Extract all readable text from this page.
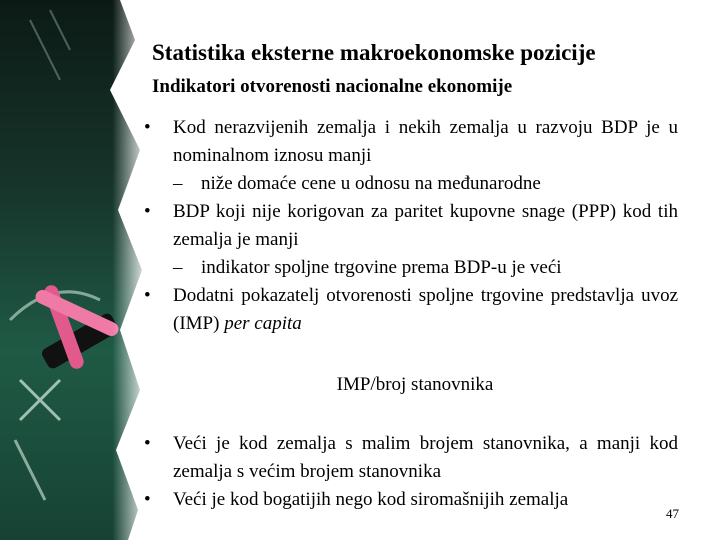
Statistika eksterne makroekonomske pozicije
Indikatori otvorenosti nacionalne ekonomije
• Kod nerazvijenih zemalja i nekih zemalja u razvoju BDP je u nominalnom iznosu manji
– niže domaće cene u odnosu na međunarodne
• BDP koji nije korigovan za paritet kupovne snage (PPP) kod tih zemalja je manji
– indikator spoljne trgovine prema BDP-u je veći
• Dodatni pokazatelj otvorenosti spoljne trgovine predstavlja uvoz (IMP) per capita
IMP/broj stanovnika
• Veći je kod zemalja s malim brojem stanovnika, a manji kod zemalja s većim brojem stanovnika
• Veći je kod bogatijih nego kod siromašnijih zemalja
47
